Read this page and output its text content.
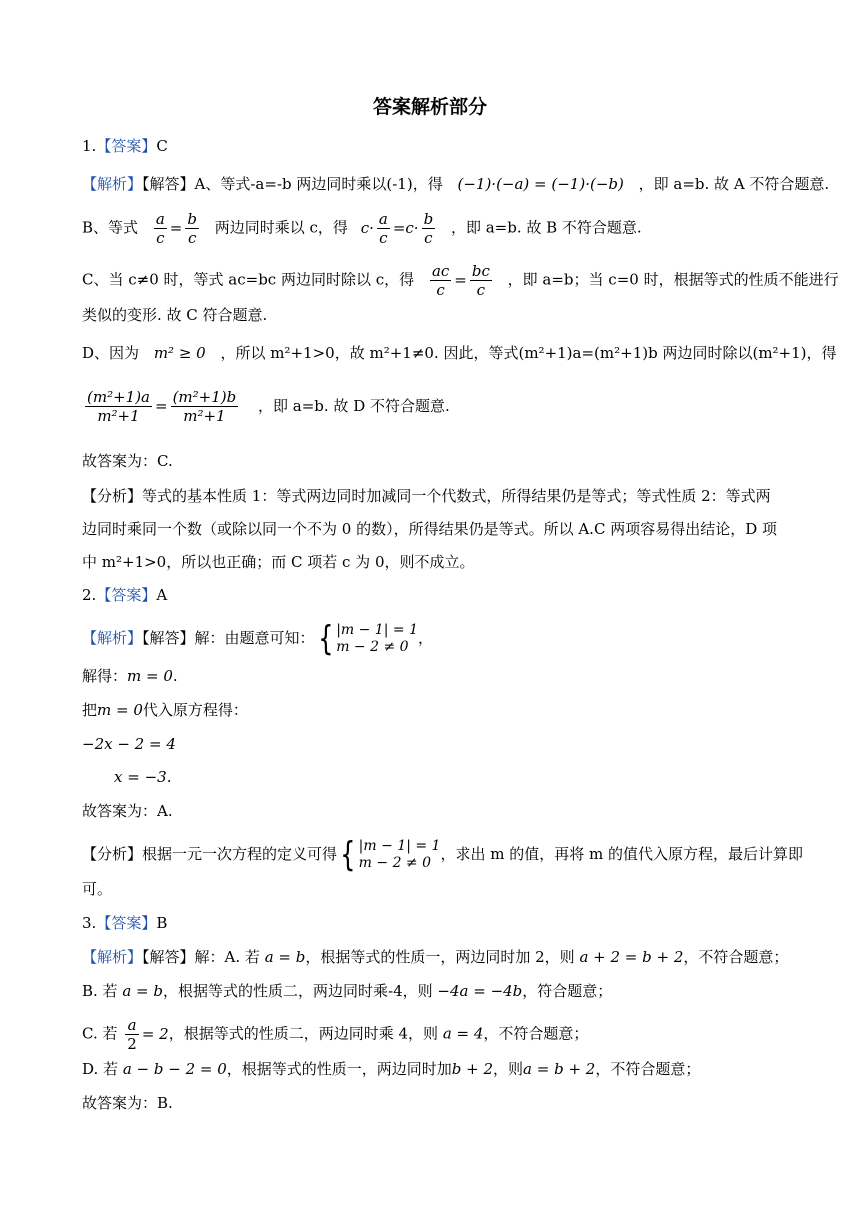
答案解析部分
1.【答案】C
【解析】【解答】A、等式-a=-b 两边同时乘以(-1)，得 (−1)·(−a) = (−1)·(−b) ，即 a=b. 故 A 不符合题意.
B、等式 $\frac{a}{c} = \frac{b}{c}$ 两边同时乘以 c，得 $c\cdot \frac{a}{c} =c\cdot \frac{b}{c}$ ，即 a=b. 故 B 不符合题意.
C、当 c≠0 时，等式 ac=bc 两边同时除以 c，得 $\frac{ac}{c} = \frac{bc}{c}$ ，即 a=b；当 c=0 时，根据等式的性质不能进行
类似的变形. 故 C 符合题意.
D、因为 m² ≥ 0 ，所以 m²+1>0，故 m²+1≠0. 因此，等式(m²+1)a=(m²+1)b 两边同时除以(m²+1)，得
$\frac{\text{(m²+1)a}}{\text{m²+1}} = \frac{\text{(m²+1)b}}{\text{m²+1}}$ ，即 a=b. 故 D 不符合题意.
故答案为：C.
【分析】等式的基本性质 1：等式两边同时加减同一个代数式，所得结果仍是等式；等式性质 2：等式两
边同时乘同一个数（或除以同一个不为 0 的数），所得结果仍是等式。所以 A.C 两项容易得出结论，D 项
中 m²+1>0，所以也正确；而 C 项若 c 为 0，则不成立。
2.【答案】A
【解析】【解答】解：由题意可知：{ |m − 1| = 1
m − 2 ≠ 0 ，
解得：m = 0.
把m = 0代入原方程得：
−2x − 2 = 4
x = −3.
故答案为：A.
【分析】根据一元一次方程的定义可得{ |m − 1| = 1
m − 2 ≠ 0 ，求出 m 的值，再将 m 的值代入原方程，最后计算即
可。
3.【答案】B
【解析】【解答】解：A. 若 a = b，根据等式的性质一，两边同时加 2，则 a + 2 = b + 2，不符合题意；
B. 若 a = b，根据等式的性质二，两边同时乘-4，则 −4a = −4b，符合题意；
C. 若 $\frac{a}{2} = 2$，根据等式的性质二，两边同时乘 4，则 a = 4，不符合题意；
D. 若 a − b − 2 = 0，根据等式的性质一，两边同时加b + 2，则a = b + 2，不符合题意；
故答案为：B.
